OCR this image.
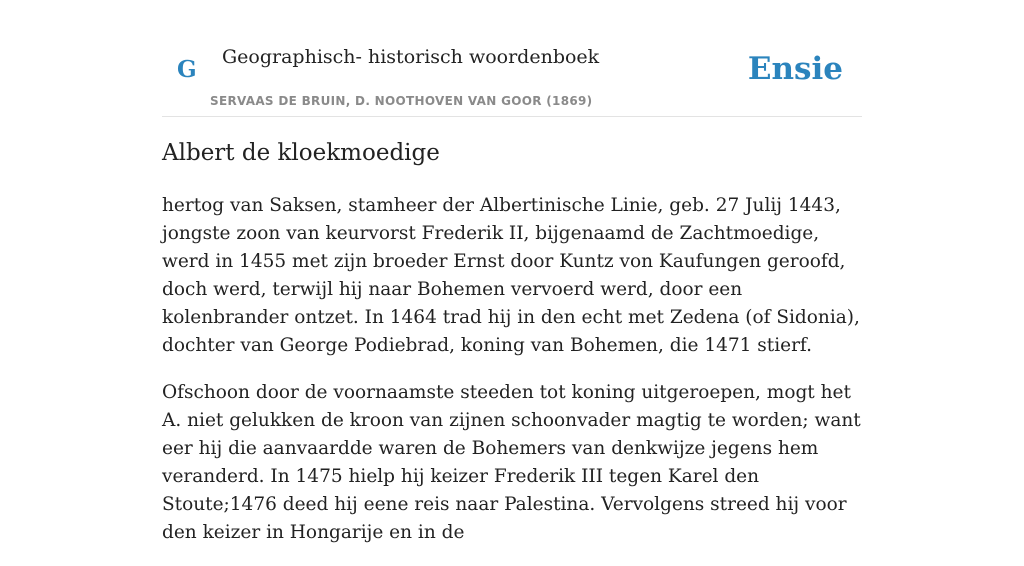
G Geographisch- historisch woordenboek
SERVAAS DE BRUIN, D. NOOTHOVEN VAN GOOR (1869)
Ensie
Albert de kloekmoedige

hertog van Saksen, stamheer der Albertinische Linie, geb. 27 Julij 1443, jongste zoon van keurvorst Frederik II, bijgenaamd de Zachtmoedige, werd in 1455 met zijn broeder Ernst door Kuntz von Kaufungen geroofd, doch werd, terwijl hij naar Bohemen vervoerd werd, door een kolenbrander ontzet. In 1464 trad hij in den echt met Zedena (of Sidonia), dochter van George Podiebrad, koning van Bohemen, die 1471 stierf.

Ofschoon door de voornaamste steeden tot koning uitgeroepen, mogt het A. niet gelukken de kroon van zijnen schoonvader magtig te worden; want eer hij die aanvaardde waren de Bohemers van denkwijze jegens hem veranderd. In 1475 hielp hij keizer Frederik III tegen Karel den Stoute;1476 deed hij eene reis naar Palestina. Vervolgens streed hij voor den keizer in Hongarije en in de
